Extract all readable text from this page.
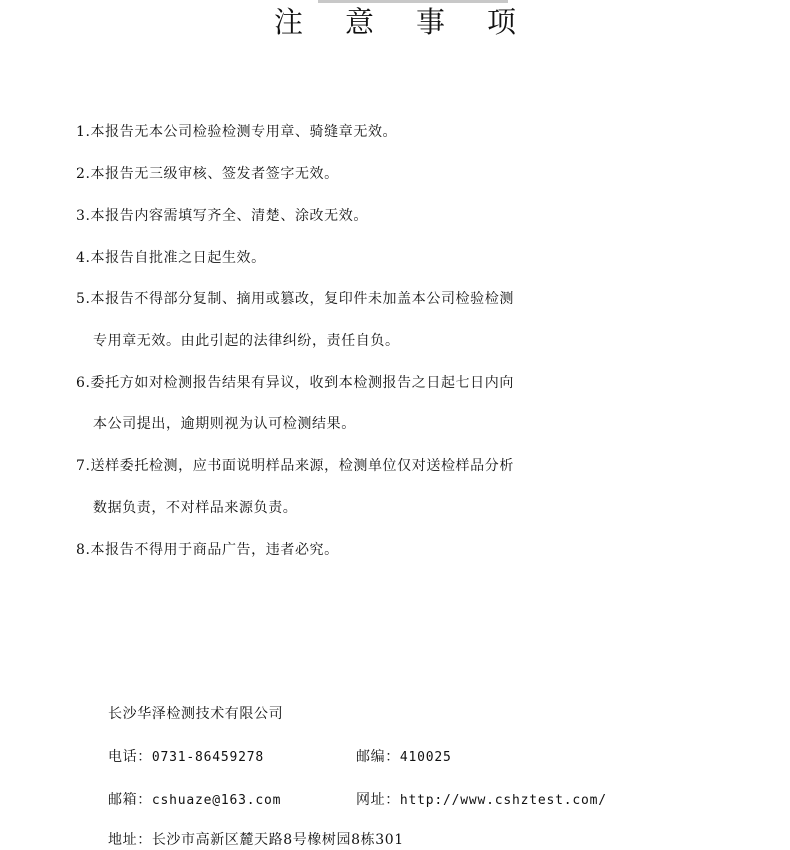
注意事项
1.本报告无本公司检验检测专用章、骑缝章无效。
2.本报告无三级审核、签发者签字无效。
3.本报告内容需填写齐全、清楚、涂改无效。
4.本报告自批准之日起生效。
5.本报告不得部分复制、摘用或篡改，复印件未加盖本公司检验检测
专用章无效。由此引起的法律纠纷，责任自负。
6.委托方如对检测报告结果有异议，收到本检测报告之日起七日内向
本公司提出，逾期则视为认可检测结果。
7.送样委托检测，应书面说明样品来源，检测单位仅对送检样品分析
数据负责，不对样品来源负责。
8.本报告不得用于商品广告，违者必究。
长沙华泽检测技术有限公司
电话：0731-86459278	邮编：410025
邮箱：cshuaze@163.com	网址：http://www.cshztest.com/
地址：长沙市高新区麓天路8号橡树园8栋301
